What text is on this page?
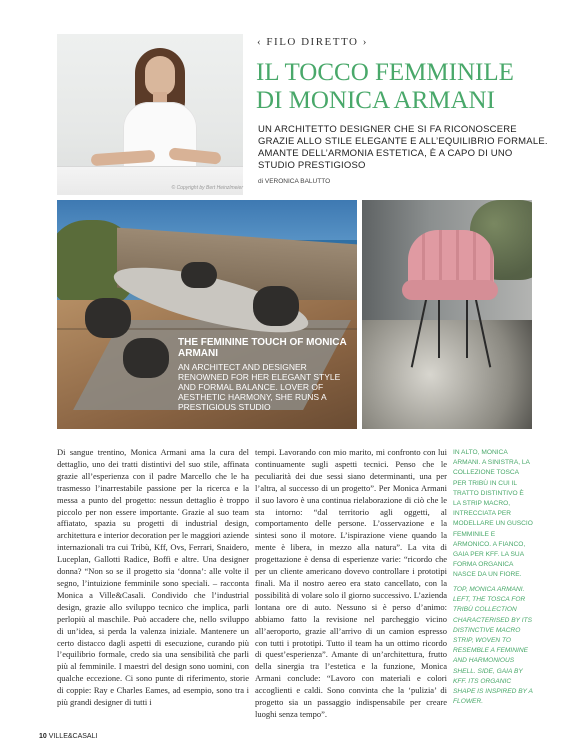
© Copyright by Bert Heinzlmeier
‹ FILO DIRETTO ›
IL TOCCO FEMMINILE
DI MONICA ARMANI
UN ARCHITETTO DESIGNER CHE SI FA RICONOSCERE GRAZIE ALLO STILE ELEGANTE E ALL’EQUILIBRIO FORMALE. AMANTE DELL’ARMONIA ESTETICA, È A CAPO DI UNO STUDIO PRESTIGIOSO
di VERONICA BALUTTO
THE FEMININE TOUCH OF MONICA ARMANI
AN ARCHITECT AND DESIGNER RENOWNED FOR HER ELEGANT STYLE AND FORMAL BALANCE. LOVER OF AESTHETIC HARMONY, SHE RUNS A PRESTIGIOUS STUDIO
Di sangue trentino, Monica Armani ama la cura del dettaglio, uno dei tratti distintivi del suo stile, affinata grazie all’esperienza con il padre Marcello che le ha trasmesso l’inarrestabile passione per la ricerca e la messa a punto del progetto: nessun dettaglio è troppo piccolo per non essere importante. Grazie al suo team affiatato, spazia su progetti di industrial design, architettura e interior decoration per le maggiori aziende internazionali tra cui Tribù, Kff, Ovs, Ferrari, Snaidero, Luceplan, Gallotti Radice, Boffi e altre. Una designer donna? “Non so se il progetto sia ‘donna’: alle volte il segno, l’intuizione femminile sono speciali. – racconta Monica a Ville&Casali. Condivido che l’industrial design, grazie allo sviluppo tecnico che implica, parli perlopiù al maschile. Può accadere che, nello sviluppo di un’idea, si perda la valenza iniziale. Mantenere un certo distacco dagli aspetti di esecuzione, curando più l’equilibrio formale, credo sia una sensibilità che parli più al femminile. I maestri del design sono uomini, con qualche eccezione. Ci sono punte di riferimento, storie di coppie: Ray e Charles Eames, ad esempio, sono tra i più grandi designer di tutti i
tempi. Lavorando con mio marito, mi confronto con lui continuamente sugli aspetti tecnici. Penso che le peculiarità dei due sessi siano determinanti, una per l’altra, al successo di un progetto”. Per Monica Armani il suo lavoro è una continua rielaborazione di ciò che le sta intorno: “dal territorio agli oggetti, al comportamento delle persone. L’osservazione e la sintesi sono il motore. L’ispirazione viene quando la mente è libera, in mezzo alla natura”. La vita di progettazione è densa di esperienze varie: “ricordo che per un cliente americano dovevo controllare i prototipi finali. Ma il nostro aereo era stato cancellato, con la possibilità di volare solo il giorno successivo. L’azienda lontana ore di auto. Nessuno si è perso d’animo: abbiamo fatto la revisione nel parcheggio vicino all’aeroporto, grazie all’arrivo di un camion espresso con tutti i prototipi. Tutto il team ha un ottimo ricordo di quest’esperienza”. Amante di un’architettura, frutto della sinergia tra l’estetica e la funzione, Monica Armani conclude: “Lavoro con materiali e colori accoglienti e caldi. Sono convinta che la ‘pulizia’ di progetto sia un passaggio indispensabile per creare luoghi senza tempo”.
IN ALTO, MONICA ARMANI. A SINISTRA, LA COLLEZIONE TOSCA PER TRIBÙ IN CUI IL TRATTO DISTINTIVO È LA STRIP MACRO, INTRECCIATA PER MODELLARE UN GUSCIO FEMMINILE E ARMONICO. A FIANCO, GAIA PER KFF. LA SUA FORMA ORGANICA NASCE DA UN FIORE.
TOP, MONICA ARMANI. LEFT, THE TOSCA FOR TRIBÙ COLLECTION CHARACTERISED BY ITS DISTINCTIVE MACRO STRIP, WOVEN TO RESEMBLE A FEMININE AND HARMONIOUS SHELL. SIDE, GAIA BY KFF. ITS ORGANIC SHAPE IS INSPIRED BY A FLOWER.
10 VILLE&CASALI
